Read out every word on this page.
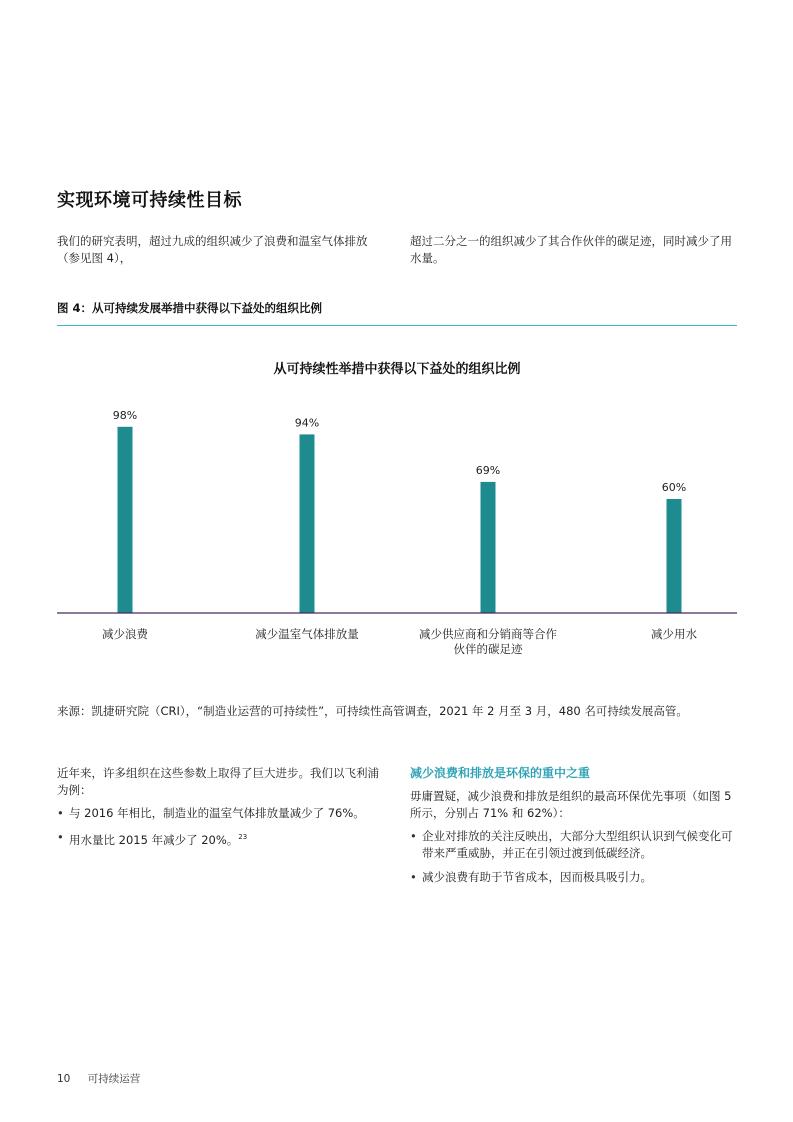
实现环境可持续性目标
我们的研究表明，超过九成的组织减少了浪费和温室气体排放（参见图 4），
超过二分之一的组织减少了其合作伙伴的碳足迹，同时减少了用水量。
图 4：从可持续发展举措中获得以下益处的组织比例
从可持续性举措中获得以下益处的组织比例
98%
减少浪费
94%
减少温室气体排放量
69%
减少供应商和分销商等合作
伙伴的碳足迹
60%
减少用水
来源：凯捷研究院（CRI），“制造业运营的可持续性”，可持续性高管调查，2021 年 2 月至 3 月，480 名可持续发展高管。
近年来，许多组织在这些参数上取得了巨大进步。我们以飞利浦为例：
• 与 2016 年相比，制造业的温室气体排放量减少了 76%。
• 用水量比 2015 年减少了 20%。$^{23}$
减少浪费和排放是环保的重中之重
毋庸置疑，减少浪费和排放是组织的最高环保优先事项（如图 5 所示，分别占 71% 和 62%）：
• 企业对排放的关注反映出，大部分大型组织认识到气候变化可带来严重威胁，并正在引领过渡到低碳经济。
• 减少浪费有助于节省成本，因而极具吸引力。
10 可持续运营
